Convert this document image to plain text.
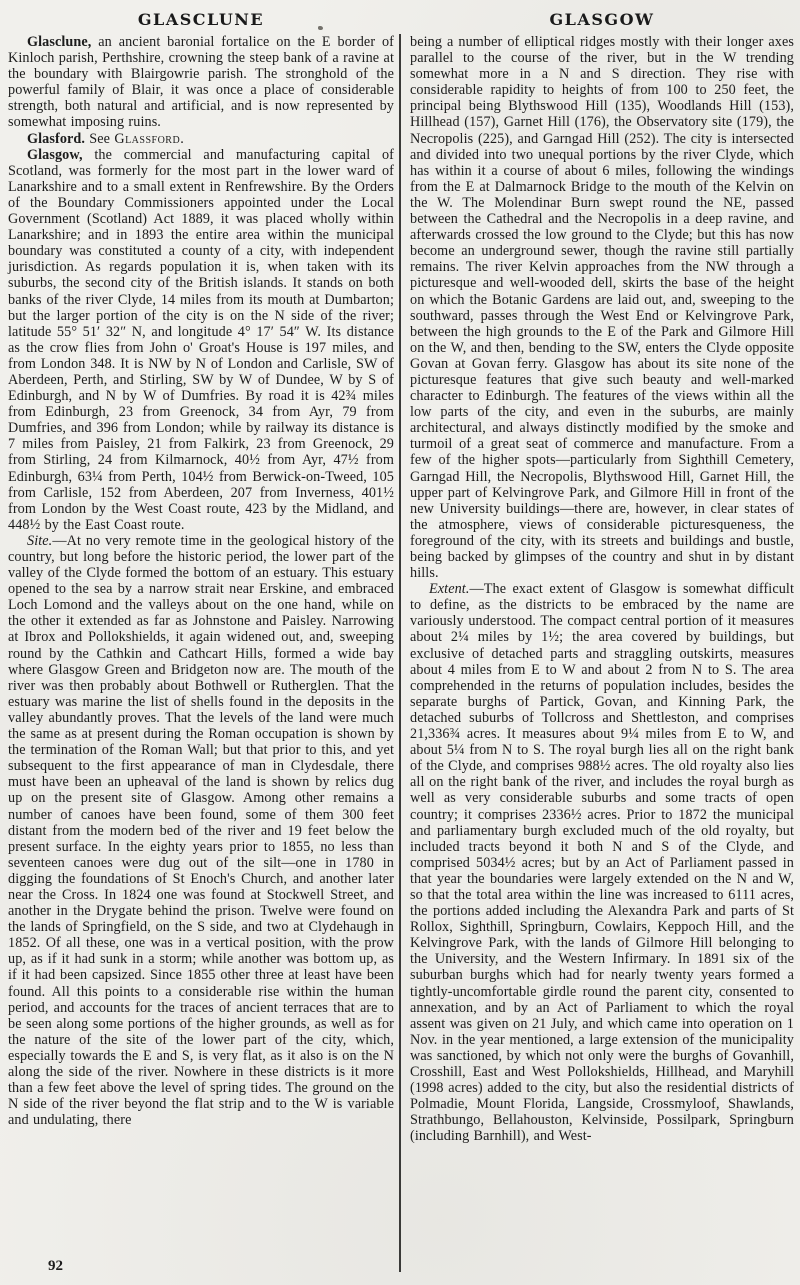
GLASCLUNE	GLASGOW

Glasclune, an ancient baronial fortalice on the E border of Kinloch parish, Perthshire, crowning the steep bank of a ravine at the boundary with Blairgowrie parish. The stronghold of the powerful family of Blair, it was once a place of considerable strength, both natural and artificial, and is now represented by somewhat imposing ruins.

Glasford. See Glassford.

Glasgow, the commercial and manufacturing capital of Scotland, was formerly for the most part in the lower ward of Lanarkshire and to a small extent in Renfrewshire. By the Orders of the Boundary Commissioners appointed under the Local Government (Scotland) Act 1889, it was placed wholly within Lanarkshire; and in 1893 the entire area within the municipal boundary was constituted a county of a city, with independent jurisdiction. As regards population it is, when taken with its suburbs, the second city of the British islands. It stands on both banks of the river Clyde, 14 miles from its mouth at Dumbarton; but the larger portion of the city is on the N side of the river; latitude 55° 51′ 32″ N, and longitude 4° 17′ 54″ W. Its distance as the crow flies from John o' Groat's House is 197 miles, and from London 348. It is NW by N of London and Carlisle, SW of Aberdeen, Perth, and Stirling, SW by W of Dundee, W by S of Edinburgh, and N by W of Dumfries. By road it is 42¾ miles from Edinburgh, 23 from Greenock, 34 from Ayr, 79 from Dumfries, and 396 from London; while by railway its distance is 7 miles from Paisley, 21 from Falkirk, 23 from Greenock, 29 from Stirling, 24 from Kilmarnock, 40½ from Ayr, 47½ from Edinburgh, 63¼ from Perth, 104½ from Berwick-on-Tweed, 105 from Carlisle, 152 from Aberdeen, 207 from Inverness, 401½ from London by the West Coast route, 423 by the Midland, and 448½ by the East Coast route.

Site.—At no very remote time in the geological history of the country, but long before the historic period, the lower part of the valley of the Clyde formed the bottom of an estuary. This estuary opened to the sea by a narrow strait near Erskine, and embraced Loch Lomond and the valleys about on the one hand, while on the other it extended as far as Johnstone and Paisley. Narrowing at Ibrox and Pollokshields, it again widened out, and, sweeping round by the Cathkin and Cathcart Hills, formed a wide bay where Glasgow Green and Bridgeton now are. The mouth of the river was then probably about Bothwell or Rutherglen. That the estuary was marine the list of shells found in the deposits in the valley abundantly proves. That the levels of the land were much the same as at present during the Roman occupation is shown by the termination of the Roman Wall; but that prior to this, and yet subsequent to the first appearance of man in Clydesdale, there must have been an upheaval of the land is shown by relics dug up on the present site of Glasgow. Among other remains a number of canoes have been found, some of them 300 feet distant from the modern bed of the river and 19 feet below the present surface. In the eighty years prior to 1855, no less than seventeen canoes were dug out of the silt—one in 1780 in digging the foundations of St Enoch's Church, and another later near the Cross. In 1824 one was found at Stockwell Street, and another in the Drygate behind the prison. Twelve were found on the lands of Springfield, on the S side, and two at Clydehaugh in 1852. Of all these, one was in a vertical position, with the prow up, as if it had sunk in a storm; while another was bottom up, as if it had been capsized. Since 1855 other three at least have been found. All this points to a considerable rise within the human period, and accounts for the traces of ancient terraces that are to be seen along some portions of the higher grounds, as well as for the nature of the site of the lower part of the city, which, especially towards the E and S, is very flat, as it also is on the N along the side of the river. Nowhere in these districts is it more than a few feet above the level of spring tides. The ground on the N side of the river beyond the flat strip and to the W is variable and undulating, there

being a number of elliptical ridges mostly with their longer axes parallel to the course of the river, but in the W trending somewhat more in a N and S direction. They rise with considerable rapidity to heights of from 100 to 250 feet, the principal being Blythswood Hill (135), Woodlands Hill (153), Hillhead (157), Garnet Hill (176), the Observatory site (179), the Necropolis (225), and Garngad Hill (252). The city is intersected and divided into two unequal portions by the river Clyde, which has within it a course of about 6 miles, following the windings from the E at Dalmarnock Bridge to the mouth of the Kelvin on the W. The Molendinar Burn swept round the NE, passed between the Cathedral and the Necropolis in a deep ravine, and afterwards crossed the low ground to the Clyde; but this has now become an underground sewer, though the ravine still partially remains. The river Kelvin approaches from the NW through a picturesque and well-wooded dell, skirts the base of the height on which the Botanic Gardens are laid out, and, sweeping to the southward, passes through the West End or Kelvingrove Park, between the high grounds to the E of the Park and Gilmore Hill on the W, and then, bending to the SW, enters the Clyde opposite Govan at Govan ferry. Glasgow has about its site none of the picturesque features that give such beauty and well-marked character to Edinburgh. The features of the views within all the low parts of the city, and even in the suburbs, are mainly architectural, and always distinctly modified by the smoke and turmoil of a great seat of commerce and manufacture. From a few of the higher spots—particularly from Sighthill Cemetery, Garngad Hill, the Necropolis, Blythswood Hill, Garnet Hill, the upper part of Kelvingrove Park, and Gilmore Hill in front of the new University buildings—there are, however, in clear states of the atmosphere, views of considerable picturesqueness, the foreground of the city, with its streets and buildings and bustle, being backed by glimpses of the country and shut in by distant hills.

Extent.—The exact extent of Glasgow is somewhat difficult to define, as the districts to be embraced by the name are variously understood. The compact central portion of it measures about 2¼ miles by 1½; the area covered by buildings, but exclusive of detached parts and straggling outskirts, measures about 4 miles from E to W and about 2 from N to S. The area comprehended in the returns of population includes, besides the separate burghs of Partick, Govan, and Kinning Park, the detached suburbs of Tollcross and Shettleston, and comprises 21,336¾ acres. It measures about 9¼ miles from E to W, and about 5¼ from N to S. The royal burgh lies all on the right bank of the Clyde, and comprises 988½ acres. The old royalty also lies all on the right bank of the river, and includes the royal burgh as well as very considerable suburbs and some tracts of open country; it comprises 2336½ acres. Prior to 1872 the municipal and parliamentary burgh excluded much of the old royalty, but included tracts beyond it both N and S of the Clyde, and comprised 5034½ acres; but by an Act of Parliament passed in that year the boundaries were largely extended on the N and W, so that the total area within the line was increased to 6111 acres, the portions added including the Alexandra Park and parts of St Rollox, Sighthill, Springburn, Cowlairs, Keppoch Hill, and the Kelvingrove Park, with the lands of Gilmore Hill belonging to the University, and the Western Infirmary. In 1891 six of the suburban burghs which had for nearly twenty years formed a tightly-uncomfortable girdle round the parent city, consented to annexation, and by an Act of Parliament to which the royal assent was given on 21 July, and which came into operation on 1 Nov. in the year mentioned, a large extension of the municipality was sanctioned, by which not only were the burghs of Govanhill, Crosshill, East and West Pollokshields, Hillhead, and Maryhill (1998 acres) added to the city, but also the residential districts of Polmadie, Mount Florida, Langside, Crossmyloof, Shawlands, Strathbungo, Bellahouston, Kelvinside, Possilpark, Springburn (including Barnhill), and West-

92
